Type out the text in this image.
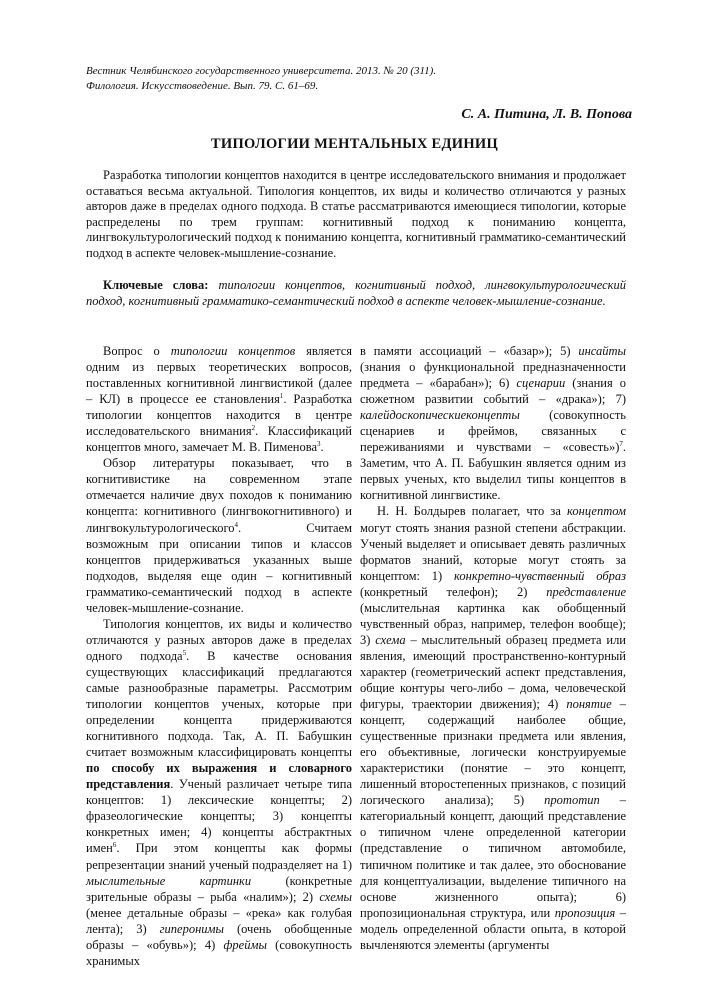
Вестник Челябинского государственного университета. 2013. № 20 (311).
Филология. Искусствоведение. Вып. 79. С. 61–69.
С. А. Питина, Л. В. Попова
ТИПОЛОГИИ МЕНТАЛЬНЫХ ЕДИНИЦ
Разработка типологии концептов находится в центре исследовательского внимания и продолжает оставаться весьма актуальной. Типология концептов, их виды и количество отличаются у разных авторов даже в пределах одного подхода. В статье рассматриваются имеющиеся типологии, которые распределены по трем группам: когнитивный подход к пониманию концепта, лингвокультурологический подход к пониманию концепта, когнитивный грамматико-семантический подход в аспекте человек-мышление-сознание.
Ключевые слова: типологии концептов, когнитивный подход, лингвокультурологический подход, когнитивный грамматико-семантический подход в аспекте человек-мышление-сознание.

Вопрос о типологии концептов является одним из первых теоретических вопросов, поставленных когнитивной лингвистикой (далее – КЛ) в процессе ее становления$^1$. Разработка типологии концептов находится в центре исследовательского внимания$^2$. Классификаций концептов много, замечает М. В. Пименова$^3$.

Обзор литературы показывает, что в когнитивистике на современном этапе отмечается наличие двух походов к пониманию концепта: когнитивного (лингвокогнитивного) и лингвокультурологического$^4$. Считаем возможным при описании типов и классов концептов придерживаться указанных выше подходов, выделяя еще один – когнитивный грамматико-семантический подход в аспекте человек-мышление-сознание.

Типология концептов, их виды и количество отличаются у разных авторов даже в пределах одного подхода$^5$. В качестве основания существующих классификаций предлагаются самые разнообразные параметры. Рассмотрим типологии концептов ученых, которые при определении концепта придерживаются когнитивного подхода. Так, А. П. Бабушкин считает возможным классифицировать концепты по способу их выражения и словарного представления. Ученый различает четыре типа концептов: 1) лексические концепты; 2) фразеологические концепты; 3) концепты конкретных имен; 4) концепты абстрактных имен$^6$. При этом концепты как формы репрезентации знаний ученый подразделяет на 1) мыслительные картинки (конкретные зрительные образы – рыба «налим»); 2) схемы (менее детальные образы – «река» как голубая лента); 3) гиперонимы (очень обобщенные образы – «обувь»); 4) фреймы (совокупность хранимых

в памяти ассоциаций – «базар»); 5) инсайты (знания о функциональной предназначенности предмета – «барабан»); 6) сценарии (знания о сюжетном развитии событий – «драка»); 7) калейдоскопическиеконцепты (совокупность сценариев и фреймов, связанных с переживаниями и чувствами – «совесть»)$^7$. Заметим, что А. П. Бабушкин является одним из первых ученых, кто выделил типы концептов в когнитивной лингвистике.

Н. Н. Болдырев полагает, что за концептом могут стоять знания разной степени абстракции. Ученый выделяет и описывает девять различных форматов знаний, которые могут стоять за концептом: 1) конкретно-чувственный образ (конкретный телефон); 2) представление (мыслительная картинка как обобщенный чувственный образ, например, телефон вообще); 3) схема – мыслительный образец предмета или явления, имеющий пространственно-контурный характер (геометрический аспект представления, общие контуры чего-либо – дома, человеческой фигуры, траектории движения); 4) понятие – концепт, содержащий наиболее общие, существенные признаки предмета или явления, его объективные, логически конструируемые характеристики (понятие – это концепт, лишенный второстепенных признаков, с позиций логического анализа); 5) прототип – категориальный концепт, дающий представление о типичном члене определенной категории (представление о типичном автомобиле, типичном политике и так далее, это обоснование для концептуализации, выделение типичного на основе жизненного опыта); 6) пропозициональная структура, или пропозиция – модель определенной области опыта, в которой вычленяются элементы (аргументы
